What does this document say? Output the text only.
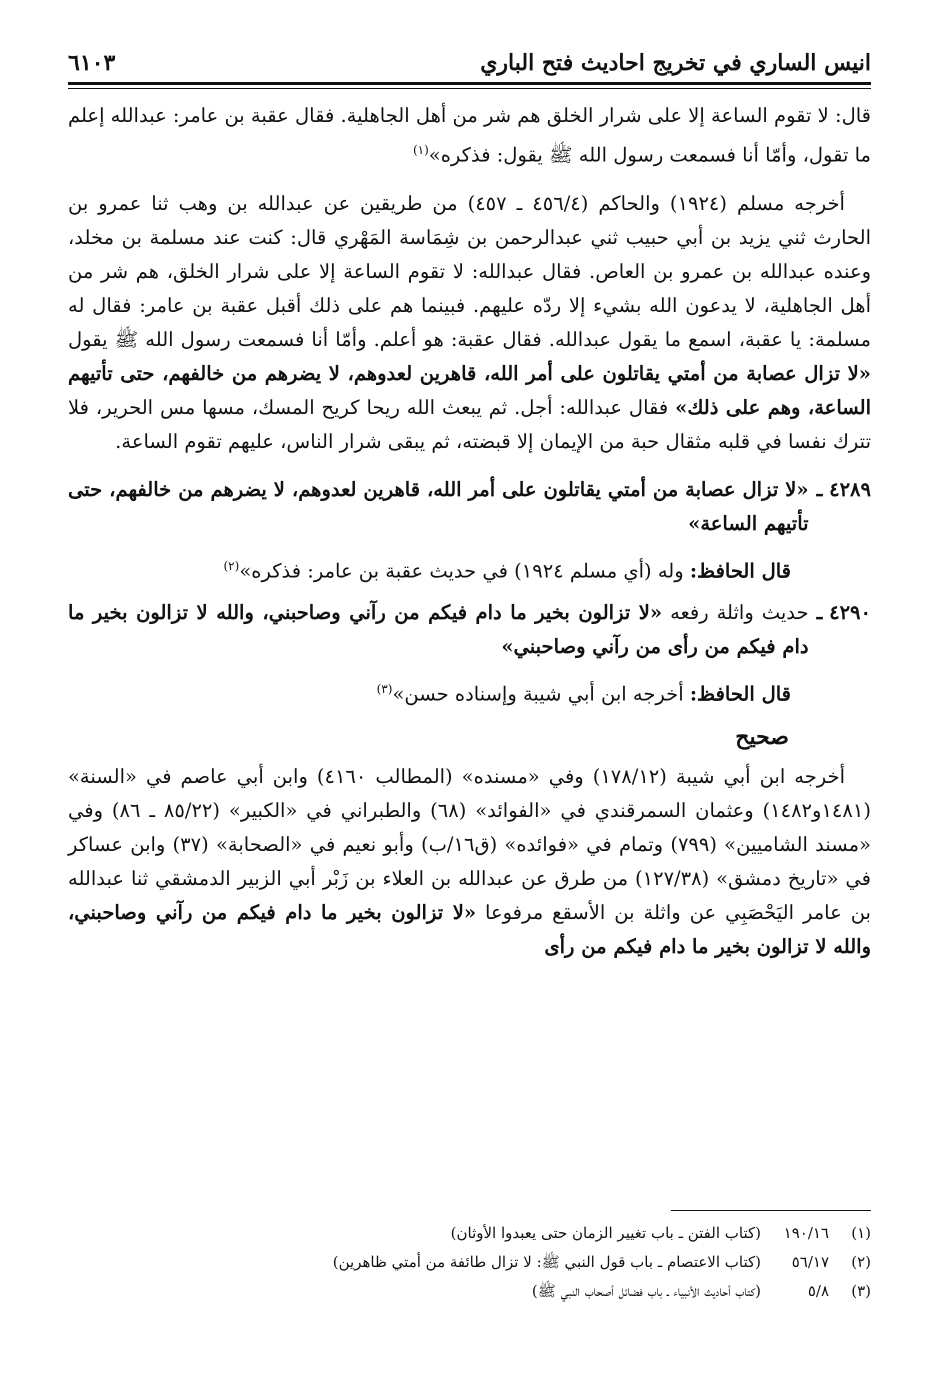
انيس الساري في تخريج احاديث فتح الباري
٦١٠٣

قال: لا تقوم الساعة إلا على شرار الخلق هم شر من أهل الجاهلية. فقال عقبة بن عامر: عبدالله إعلم ما تقول، وأمّا أنا فسمعت رسول الله ﷺ يقول: فذكره»$^{(١)}$

أخرجه مسلم (١٩٢٤) والحاكم (٤٥٦/٤ ـ ٤٥٧) من طريقين عن عبدالله بن وهب ثنا عمرو بن الحارث ثني يزيد بن أبي حبيب ثني عبدالرحمن بن شِمَاسة المَهْري قال: كنت عند مسلمة بن مخلد، وعنده عبدالله بن عمرو بن العاص. فقال عبدالله: لا تقوم الساعة إلا على شرار الخلق، هم شر من أهل الجاهلية، لا يدعون الله بشيء إلا ردّه عليهم. فبينما هم على ذلك أقبل عقبة بن عامر: فقال له مسلمة: يا عقبة، اسمع ما يقول عبدالله. فقال عقبة: هو أعلم. وأمّا أنا فسمعت رسول الله ﷺ يقول «لا تزال عصابة من أمتي يقاتلون على أمر الله، قاهرين لعدوهم، لا يضرهم من خالفهم، حتى تأتيهم الساعة، وهم على ذلك» فقال عبدالله: أجل. ثم يبعث الله ريحا كريح المسك، مسها مس الحرير، فلا تترك نفسا في قلبه مثقال حبة من الإيمان إلا قبضته، ثم يبقى شرار الناس، عليهم تقوم الساعة.

٤٢٨٩ ـ

«لا تزال عصابة من أمتي يقاتلون على أمر الله، قاهرين لعدوهم، لا يضرهم من خالفهم، حتى تأتيهم الساعة»

قال الحافظ: وله (أي مسلم ١٩٢٤) في حديث عقبة بن عامر: فذكره»$^{(٢)}$

٤٢٩٠ ـ

حديث واثلة رفعه «لا تزالون بخير ما دام فيكم من رآني وصاحبني، والله لا تزالون بخير ما دام فيكم من رأى من رآني وصاحبني»

قال الحافظ: أخرجه ابن أبي شيبة وإسناده حسن»$^{(٣)}$

صحيح

أخرجه ابن أبي شيبة (١٧٨/١٢) وفي «مسنده» (المطالب ٤١٦٠) وابن أبي عاصم في «السنة» (١٤٨١و١٤٨٢) وعثمان السمرقندي في «الفوائد» (٦٨) والطبراني في «الكبير» (٨٥/٢٢ ـ ٨٦) وفي «مسند الشاميين» (٧٩٩) وتمام في «فوائده» (ق١٦/ب) وأبو نعيم في «الصحابة» (٣٧) وابن عساكر في «تاريخ دمشق» (١٢٧/٣٨) من طرق عن عبدالله بن العلاء بن زَبْر أبي الزبير الدمشقي ثنا عبدالله بن عامر اليَحْصَبِي عن واثلة بن الأسقع مرفوعا «لا تزالون بخير ما دام فيكم من رآني وصاحبني، والله لا تزالون بخير ما دام فيكم من رأى

(١)
١٩٠/١٦
(كتاب الفتن ـ باب تغيير الزمان حتى يعبدوا الأوثان)
(٢)
٥٦/١٧
(كتاب الاعتصام ـ باب قول النبي ﷺ: لا تزال طائفة من أمتي ظاهرين)
(٣)
٥/٨
(كتاب أحاديث الأنبياء ـ باب فضائل أصحاب النبي ﷺ)
